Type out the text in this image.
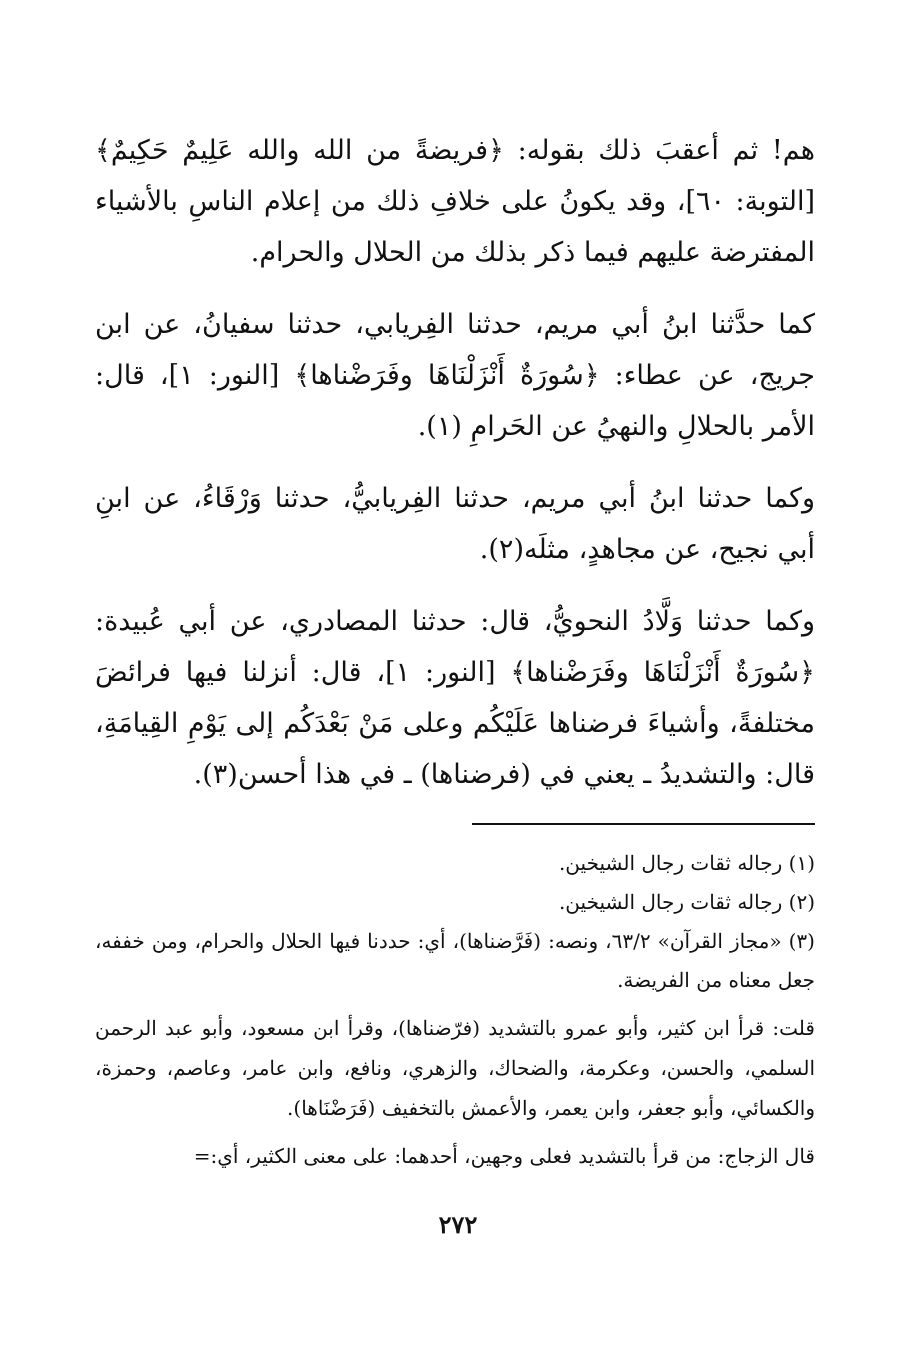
هم! ثم أعقبَ ذلك بقوله: ﴿فريضةً من الله والله عَلِيمٌ حَكِيمٌ﴾ [التوبة: ٦٠]، وقد يكونُ على خلافِ ذلك من إعلام الناسِ بالأشياء المفترضة عليهم فيما ذكر بذلك من الحلال والحرام.

كما حدَّثنا ابنُ أبي مريم، حدثنا الفِريابي، حدثنا سفيانُ، عن ابن جريج، عن عطاء: ﴿سُورَةٌ أَنْزَلْنَاهَا وفَرَضْناها﴾ [النور: ١]، قال: الأمر بالحلالِ والنهيُ عن الحَرامِ (١).

وكما حدثنا ابنُ أبي مريم، حدثنا الفِريابيُّ، حدثنا وَرْقَاءُ، عن ابنِ أبي نجيح، عن مجاهدٍ، مثلَه(٢).

وكما حدثنا وَلَّادُ النحويُّ، قال: حدثنا المصادري، عن أبي عُبيدة: ﴿سُورَةٌ أَنْزَلْنَاهَا وفَرَضْناها﴾ [النور: ١]، قال: أنزلنا فيها فرائضَ مختلفةً، وأشياءَ فرضناها عَلَيْكُم وعلى مَنْ بَعْدَكُم إلى يَوْمِ القِيامَةِ، قال: والتشديدُ ـ يعني في (فرضناها) ـ في هذا أحسن(٣).

(١) رجاله ثقات رجال الشيخين.

(٢) رجاله ثقات رجال الشيخين.

(٣) «مجاز القرآن» ٦٣/٢، ونصه: (فَرَّضناها)، أي: حددنا فيها الحلال والحرام، ومن خففه، جعل معناه من الفريضة.

قلت: قرأ ابن كثير، وأبو عمرو بالتشديد (فرّضناها)، وقرأ ابن مسعود، وأبو عبد الرحمن السلمي، والحسن، وعكرمة، والضحاك، والزهري، ونافع، وابن عامر، وعاصم، وحمزة، والكسائي، وأبو جعفر، وابن يعمر، والأعمش بالتخفيف (فَرَضْنَاها).

قال الزجاج: من قرأ بالتشديد فعلى وجهين، أحدهما: على معنى الكثير، أي:=

٢٧٢
